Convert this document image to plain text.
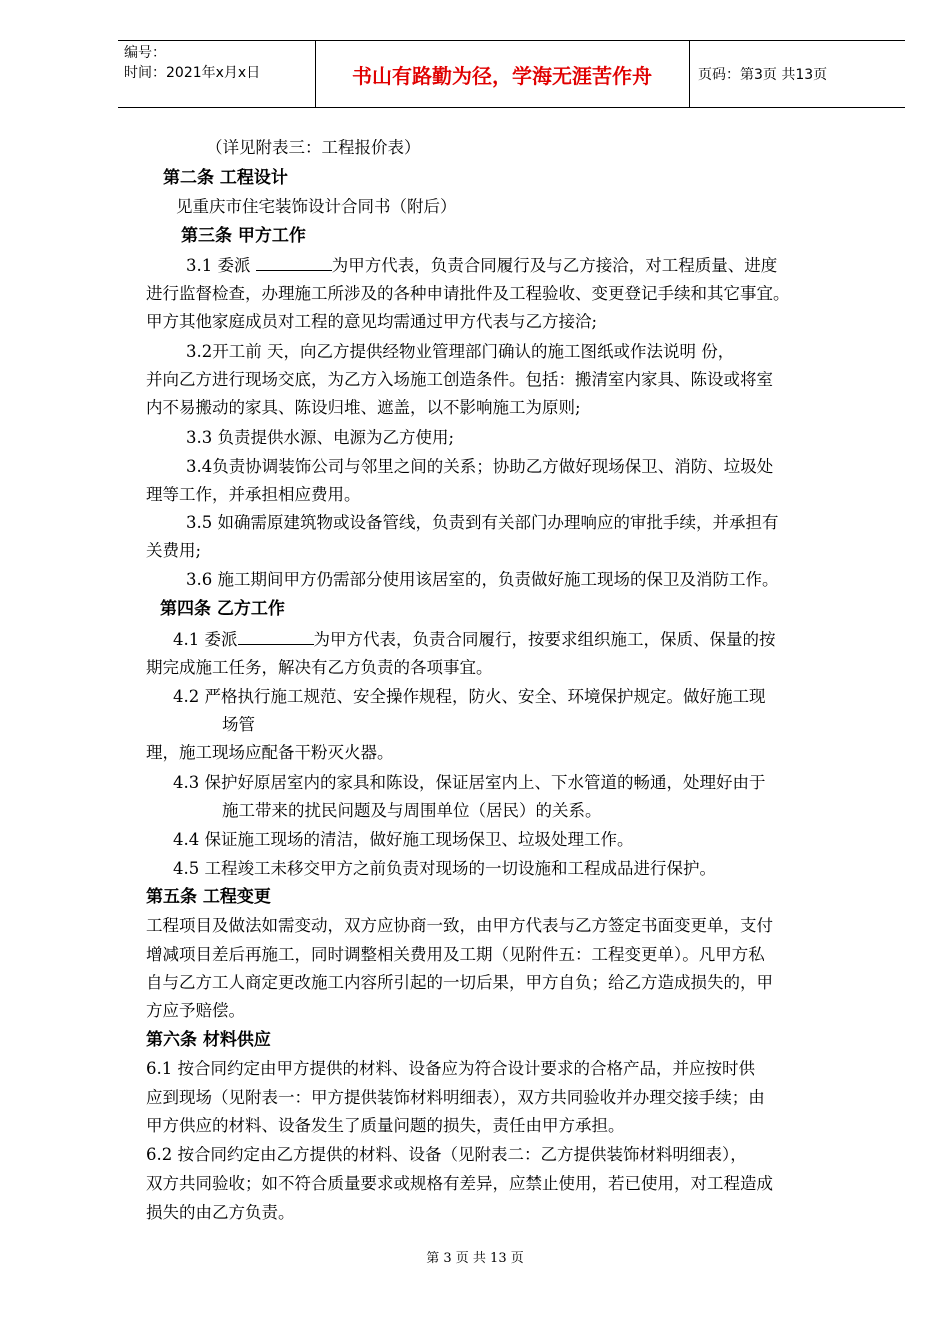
编号：
时间：2021年x月x日	书山有路勤为径，学海无涯苦作舟	页码：第3页 共13页
（详见附表三：工程报价表）
第二条 工程设计
见重庆市住宅装饰设计合同书（附后）
第三条 甲方工作
3.1 委派	为甲方代表，负责合同履行及与乙方接洽，对工程质量、进度
进行监督检查，办理施工所涉及的各种申请批件及工程验收、变更登记手续和其它事宜。
甲方其他家庭成员对工程的意见均需通过甲方代表与乙方接洽;
3.2开工前 天，向乙方提供经物业管理部门确认的施工图纸或作法说明 份，
并向乙方进行现场交底，为乙方入场施工创造条件。包括：搬清室内家具、陈设或将室
内不易搬动的家具、陈设归堆、遮盖，以不影响施工为原则;
3.3 负责提供水源、电源为乙方使用;
3.4负责协调装饰公司与邻里之间的关系；协助乙方做好现场保卫、消防、垃圾处
理等工作，并承担相应费用。
3.5 如确需原建筑物或设备管线，负责到有关部门办理响应的审批手续，并承担有
关费用;
3.6 施工期间甲方仍需部分使用该居室的，负责做好施工现场的保卫及消防工作。
第四条 乙方工作
4.1 委派	为甲方代表，负责合同履行，按要求组织施工，保质、保量的按
期完成施工任务，解决有乙方负责的各项事宜。
4.2 严格执行施工规范、安全操作规程，防火、安全、环境保护规定。做好施工现
场管
理，施工现场应配备干粉灭火器。
4.3 保护好原居室内的家具和陈设，保证居室内上、下水管道的畅通，处理好由于
施工带来的扰民问题及与周围单位（居民）的关系。
4.4 保证施工现场的清洁，做好施工现场保卫、垃圾处理工作。
4.5 工程竣工未移交甲方之前负责对现场的一切设施和工程成品进行保护。
第五条 工程变更
工程项目及做法如需变动，双方应协商一致，由甲方代表与乙方签定书面变更单，支付
增减项目差后再施工，同时调整相关费用及工期（见附件五：工程变更单）。凡甲方私
自与乙方工人商定更改施工内容所引起的一切后果，甲方自负；给乙方造成损失的，甲
方应予赔偿。
第六条 材料供应
6.1 按合同约定由甲方提供的材料、设备应为符合设计要求的合格产品，并应按时供
应到现场（见附表一：甲方提供装饰材料明细表），双方共同验收并办理交接手续；由
甲方供应的材料、设备发生了质量问题的损失，责任由甲方承担。
6.2 按合同约定由乙方提供的材料、设备（见附表二：乙方提供装饰材料明细表），
双方共同验收；如不符合质量要求或规格有差异，应禁止使用，若已使用，对工程造成
损失的由乙方负责。
第 3 页 共 13 页
